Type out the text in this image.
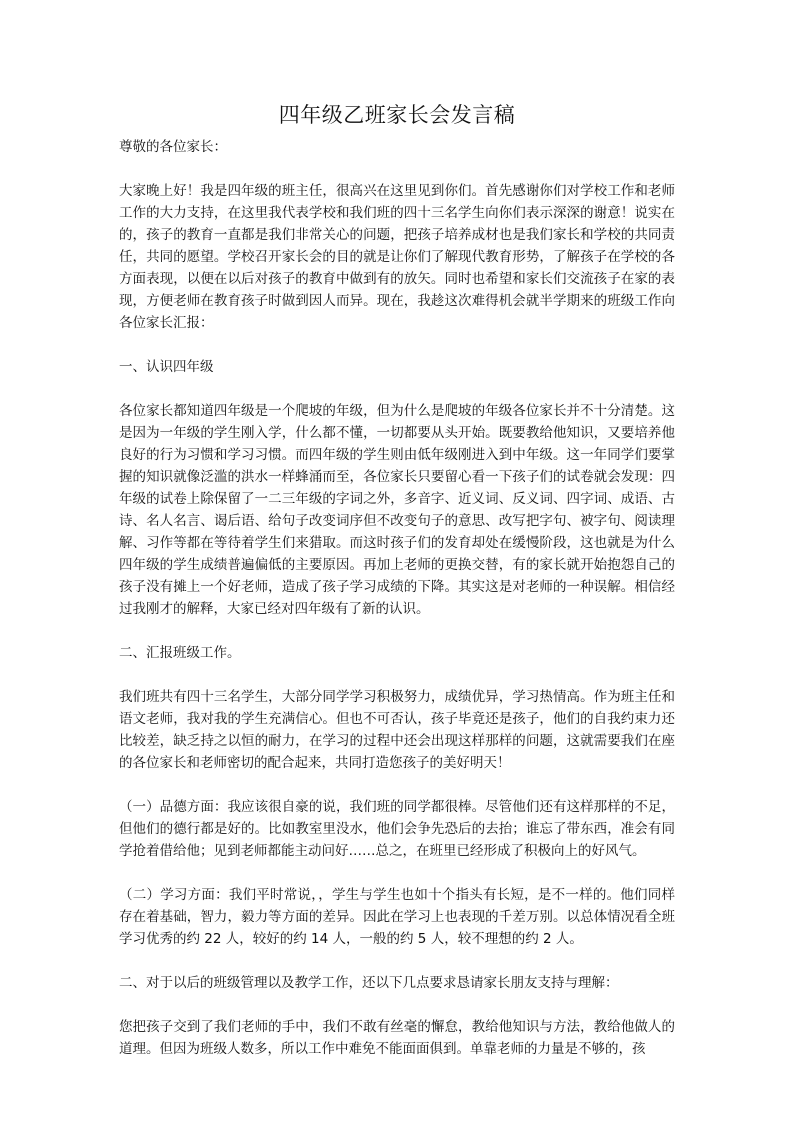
四年级乙班家长会发言稿

尊敬的各位家长：

大家晚上好！我是四年级的班主任，很高兴在这里见到你们。首先感谢你们对学校工作和老师工作的大力支持，在这里我代表学校和我们班的四十三名学生向你们表示深深的谢意！说实在的，孩子的教育一直都是我们非常关心的问题，把孩子培养成材也是我们家长和学校的共同责任，共同的愿望。学校召开家长会的目的就是让你们了解现代教育形势，了解孩子在学校的各方面表现，以便在以后对孩子的教育中做到有的放矢。同时也希望和家长们交流孩子在家的表现，方便老师在教育孩子时做到因人而异。现在，我趁这次难得机会就半学期来的班级工作向各位家长汇报：

一、认识四年级

各位家长都知道四年级是一个爬坡的年级，但为什么是爬坡的年级各位家长并不十分清楚。这是因为一年级的学生刚入学，什么都不懂，一切都要从头开始。既要教给他知识，又要培养他良好的行为习惯和学习习惯。而四年级的学生则由低年级刚进入到中年级。这一年同学们要掌握的知识就像泛滥的洪水一样蜂涌而至，各位家长只要留心看一下孩子们的试卷就会发现：四年级的试卷上除保留了一二三年级的字词之外，多音字、近义词、反义词、四字词、成语、古诗、名人名言、谒后语、给句子改变词序但不改变句子的意思、改写把字句、被字句、阅读理解、习作等都在等待着学生们来猎取。而这时孩子们的发育却处在缓慢阶段，这也就是为什么四年级的学生成绩普遍偏低的主要原因。再加上老师的更换交替，有的家长就开始抱怨自己的孩子没有摊上一个好老师，造成了孩子学习成绩的下降。其实这是对老师的一种误解。相信经过我刚才的解释，大家已经对四年级有了新的认识。

二、汇报班级工作。

我们班共有四十三名学生，大部分同学学习积极努力，成绩优异，学习热情高。作为班主任和语文老师，我对我的学生充满信心。但也不可否认，孩子毕竟还是孩子，他们的自我约束力还比较差，缺乏持之以恒的耐力，在学习的过程中还会出现这样那样的问题，这就需要我们在座的各位家长和老师密切的配合起来，共同打造您孩子的美好明天！

（一）品德方面：我应该很自豪的说，我们班的同学都很棒。尽管他们还有这样那样的不足，但他们的德行都是好的。比如教室里没水，他们会争先恐后的去抬；谁忘了带东西，准会有同学抢着借给他；见到老师都能主动问好……总之，在班里已经形成了积极向上的好风气。

（二）学习方面：我们平时常说，，学生与学生也如十个指头有长短，是不一样的。他们同样存在着基础，智力，毅力等方面的差异。因此在学习上也表现的千差万别。以总体情况看全班学习优秀的约 22 人，较好的约 14 人，一般的约 5 人，较不理想的约 2 人。

二、对于以后的班级管理以及教学工作，还以下几点要求恳请家长朋友支持与理解：

您把孩子交到了我们老师的手中，我们不敢有丝毫的懈怠，教给他知识与方法，教给他做人的道理。但因为班级人数多，所以工作中难免不能面面俱到。单靠老师的力量是不够的，孩
